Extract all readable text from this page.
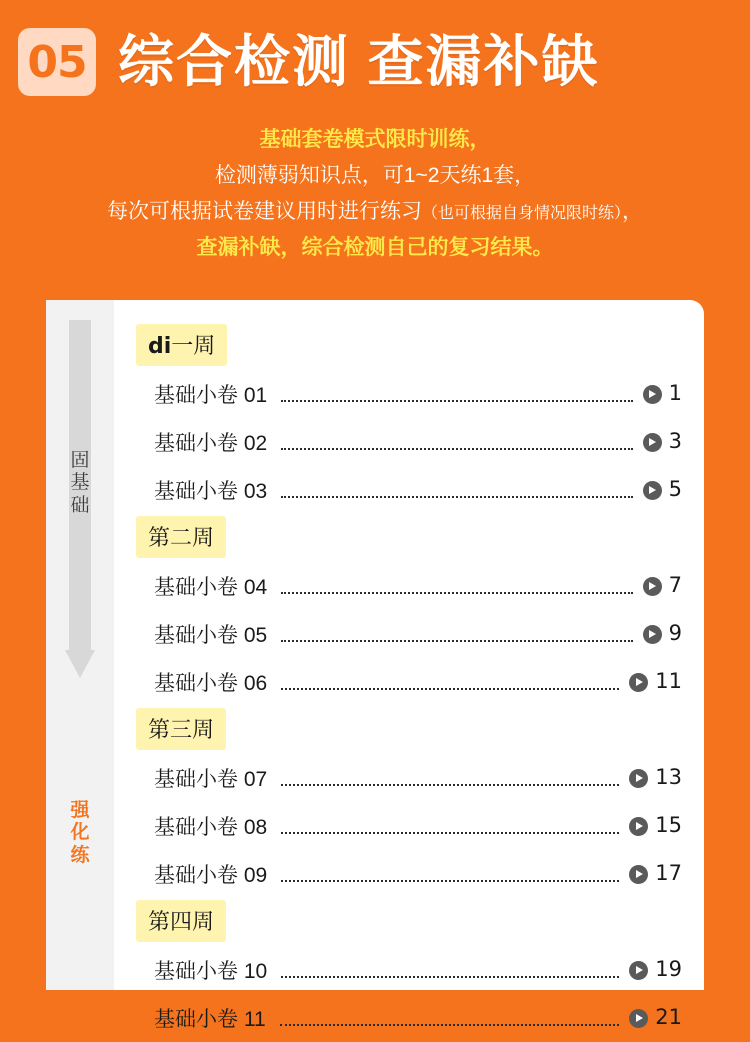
05 综合检测 查漏补缺
基础套卷模式限时训练，
检测薄弱知识点，可1~2天练1套，
每次可根据试卷建议用时进行练习（也可根据自身情况限时练），
查漏补缺，综合检测自己的复习结果。
固基础
强化练
di一周
基础小卷 01	1
基础小卷 02	3
基础小卷 03	5
第二周
基础小卷 04	7
基础小卷 05	9
基础小卷 06	11
第三周
基础小卷 07	13
基础小卷 08	15
基础小卷 09	17
第四周
基础小卷 10	19
基础小卷 11	21
